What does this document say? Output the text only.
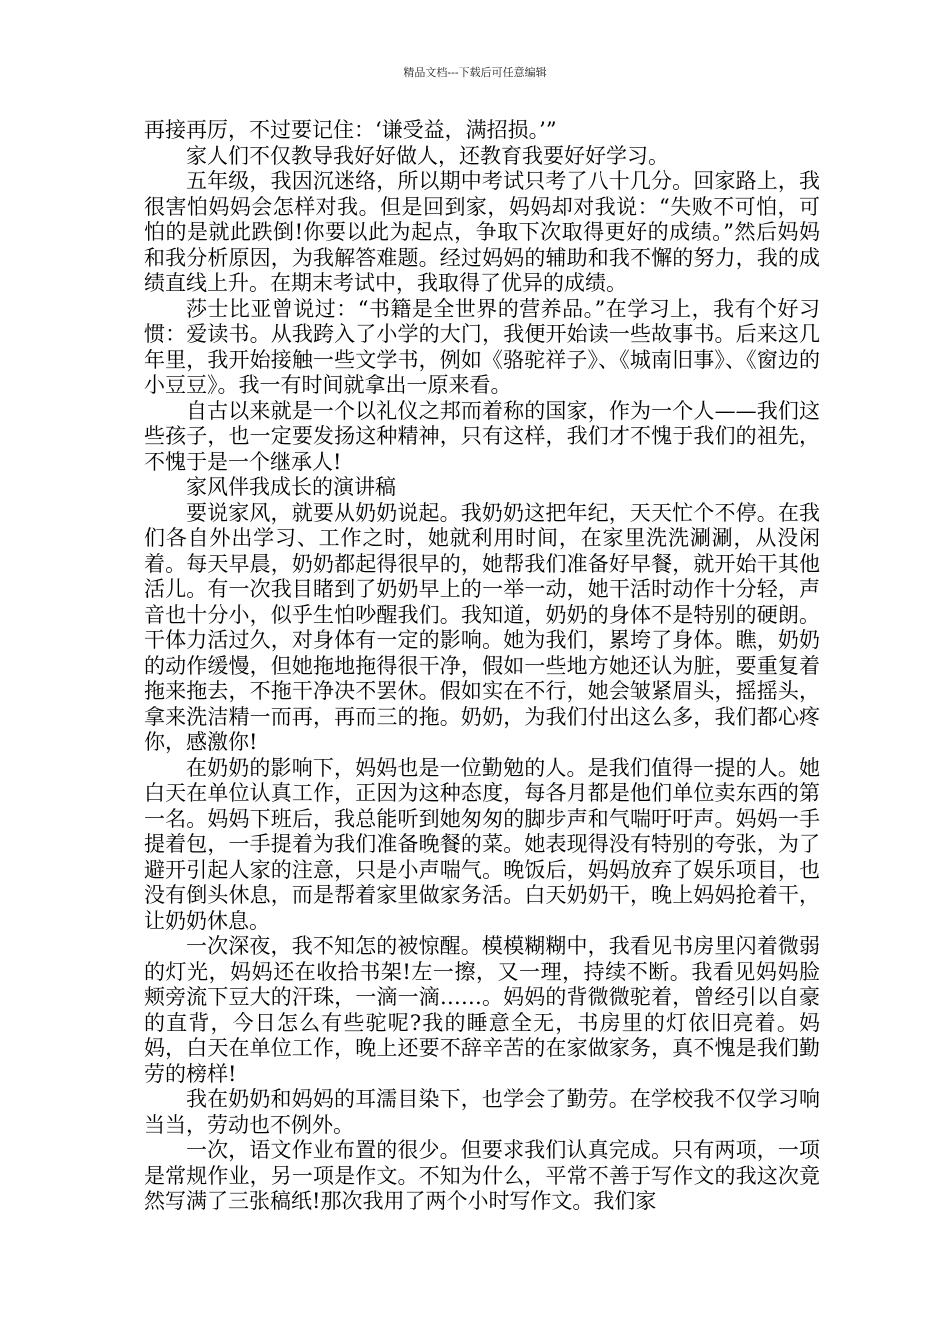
精品文档---下载后可任意编辑

再接再厉，不过要记住：‘谦受益，满招损。’”

家人们不仅教导我好好做人，还教育我要好好学习。

五年级，我因沉迷络，所以期中考试只考了八十几分。回家路上，我很害怕妈妈会怎样对我。但是回到家，妈妈却对我说：“失败不可怕，可怕的是就此跌倒!你要以此为起点，争取下次取得更好的成绩。”然后妈妈和我分析原因，为我解答难题。经过妈妈的辅助和我不懈的努力，我的成绩直线上升。在期末考试中，我取得了优异的成绩。

莎士比亚曾说过：“书籍是全世界的营养品。”在学习上，我有个好习惯：爱读书。从我跨入了小学的大门，我便开始读一些故事书。后来这几年里，我开始接触一些文学书，例如《骆驼祥子》、《城南旧事》、《窗边的小豆豆》。我一有时间就拿出一原来看。

自古以来就是一个以礼仪之邦而着称的国家，作为一个人——我们这些孩子，也一定要发扬这种精神，只有这样，我们才不愧于我们的祖先，不愧于是一个继承人!

家风伴我成长的演讲稿

要说家风，就要从奶奶说起。我奶奶这把年纪，天天忙个不停。在我们各自外出学习、工作之时，她就利用时间，在家里洗洗涮涮，从没闲着。每天早晨，奶奶都起得很早的，她帮我们准备好早餐，就开始干其他活儿。有一次我目睹到了奶奶早上的一举一动，她干活时动作十分轻，声音也十分小，似乎生怕吵醒我们。我知道，奶奶的身体不是特别的硬朗。干体力活过久，对身体有一定的影响。她为我们，累垮了身体。瞧，奶奶的动作缓慢，但她拖地拖得很干净，假如一些地方她还认为脏，要重复着拖来拖去，不拖干净决不罢休。假如实在不行，她会皱紧眉头，摇摇头，拿来洗洁精一而再，再而三的拖。奶奶，为我们付出这么多，我们都心疼你，感激你!

在奶奶的影响下，妈妈也是一位勤勉的人。是我们值得一提的人。她白天在单位认真工作，正因为这种态度，每各月都是他们单位卖东西的第一名。妈妈下班后，我总能听到她匆匆的脚步声和气喘吁吁声。妈妈一手提着包，一手提着为我们准备晚餐的菜。她表现得没有特别的夸张，为了避开引起人家的注意，只是小声喘气。晚饭后，妈妈放弃了娱乐项目，也没有倒头休息，而是帮着家里做家务活。白天奶奶干，晚上妈妈抢着干，让奶奶休息。

一次深夜，我不知怎的被惊醒。模模糊糊中，我看见书房里闪着微弱的灯光，妈妈还在收拾书架!左一擦，又一理，持续不断。我看见妈妈脸颊旁流下豆大的汗珠，一滴一滴……。妈妈的背微微驼着，曾经引以自豪的直背，今日怎么有些驼呢?我的睡意全无，书房里的灯依旧亮着。妈妈，白天在单位工作，晚上还要不辞辛苦的在家做家务，真不愧是我们勤劳的榜样!

我在奶奶和妈妈的耳濡目染下，也学会了勤劳。在学校我不仅学习响当当，劳动也不例外。

一次，语文作业布置的很少。但要求我们认真完成。只有两项，一项是常规作业，另一项是作文。不知为什么，平常不善于写作文的我这次竟然写满了三张稿纸!那次我用了两个小时写作文。我们家
